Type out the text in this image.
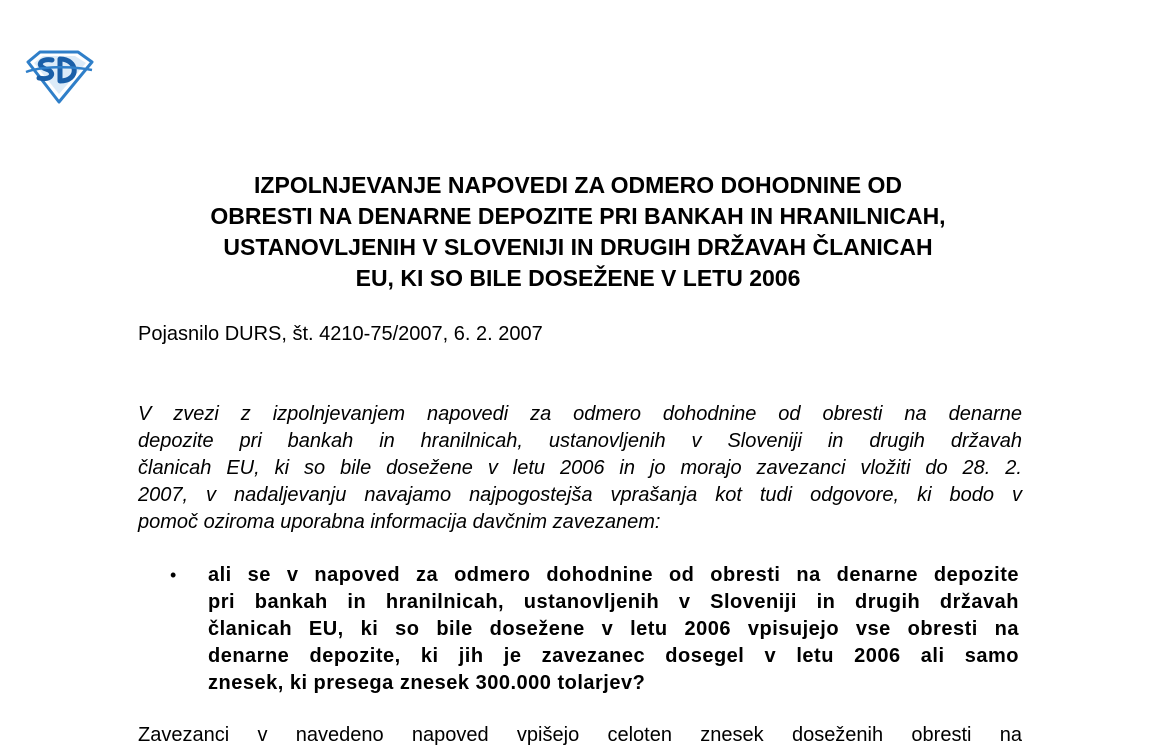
IZPOLNJEVANJE NAPOVEDI ZA ODMERO DOHODNINE OD
OBRESTI NA DENARNE DEPOZITE PRI BANKAH IN HRANILNICAH,
USTANOVLJENIH V SLOVENIJI IN DRUGIH DRŽAVAH ČLANICAH
EU, KI SO BILE DOSEŽENE V LETU 2006

Pojasnilo DURS, št. 4210-75/2007, 6. 2. 2007

V zvezi z izpolnjevanjem napovedi za odmero dohodnine od obresti na denarne
depozite pri bankah in hranilnicah, ustanovljenih v Sloveniji in drugih državah
članicah EU, ki so bile dosežene v letu 2006 in jo morajo zavezanci vložiti do 28. 2.
2007, v nadaljevanju navajamo najpogostejša vprašanja kot tudi odgovore, ki bodo v
pomoč oziroma uporabna informacija davčnim zavezanem:
• ali se v napoved za odmero dohodnine od obresti na denarne depozite
pri bankah in hranilnicah, ustanovljenih v Sloveniji in drugih državah
članicah EU, ki so bile dosežene v letu 2006 vpisujejo vse obresti na
denarne depozite, ki jih je zavezanec dosegel v letu 2006 ali samo
znesek, ki presega znesek 300.000 tolarjev?
Zavezanci v navedeno napoved vpišejo celoten znesek doseženih obresti na
